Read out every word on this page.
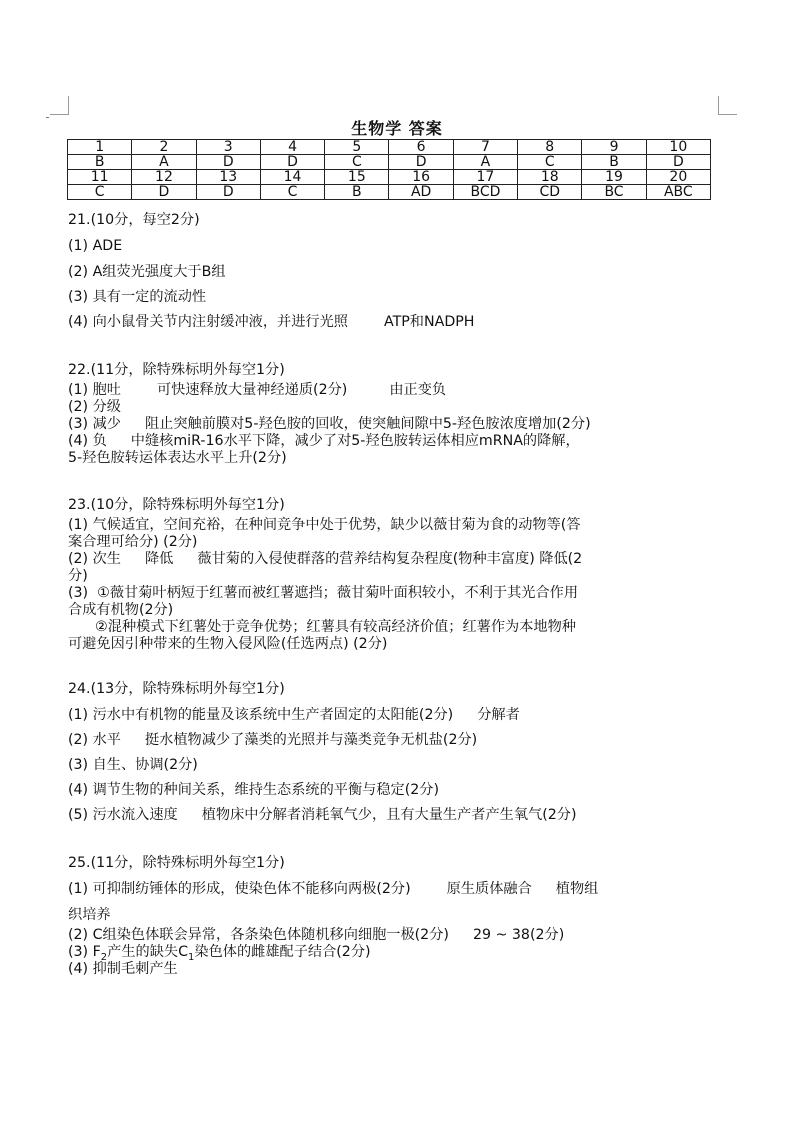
生物学 答案
1	2	3	4	5	6	7	8	9	10
B	A	D	D	C	D	A	C	B	D
11	12	13	14	15	16	17	18	19	20
C	D	D	C	B	AD	BCD	CD	BC	ABC
21.(10分，每空2分)
(1) ADE
(2) A组荧光强度大于B组
(3) 具有一定的流动性
(4) 向小鼠骨关节内注射缓冲液，并进行光照	ATP和NADPH
22.(11分，除特殊标明外每空1分)
(1) 胞吐	可快速释放大量神经递质(2分)	由正变负
(2) 分级
(3) 减少 阻止突触前膜对5-羟色胺的回收，使突触间隙中5-羟色胺浓度增加(2分)
(4) 负 中缝核miR-16水平下降，减少了对5-羟色胺转运体相应mRNA的降解，
5-羟色胺转运体表达水平上升(2分)
23.(10分，除特殊标明外每空1分)
(1) 气候适宜，空间充裕，在种间竞争中处于优势，缺少以薇甘菊为食的动物等(答
案合理可给分) (2分)
(2) 次生 降低 薇甘菊的入侵使群落的营养结构复杂程度(物种丰富度) 降低(2
分)
(3)  ①薇甘菊叶柄短于红薯而被红薯遮挡；薇甘菊叶面积较小，不利于其光合作用
合成有机物(2分)
②混种模式下红薯处于竞争优势；红薯具有较高经济价值；红薯作为本地物种
可避免因引种带来的生物入侵风险(任选两点) (2分)
24.(13分，除特殊标明外每空1分)
(1) 污水中有机物的能量及该系统中生产者固定的太阳能(2分) 分解者
(2) 水平 挺水植物减少了藻类的光照并与藻类竞争无机盐(2分)
(3) 自生、协调(2分)
(4) 调节生物的种间关系，维持生态系统的平衡与稳定(2分)
(5) 污水流入速度 植物床中分解者消耗氧气少，且有大量生产者产生氧气(2分)
25.(11分，除特殊标明外每空1分)
(1) 可抑制纺锤体的形成，使染色体不能移向两极(2分)	原生质体融合 植物组
织培养
(2) C组染色体联会异常，各条染色体随机移向细胞一极(2分) 29 ~ 38(2分)
(3) $F_2$产生的缺失$C_1$染色体的雌雄配子结合(2分)
(4) 抑制毛刺产生
